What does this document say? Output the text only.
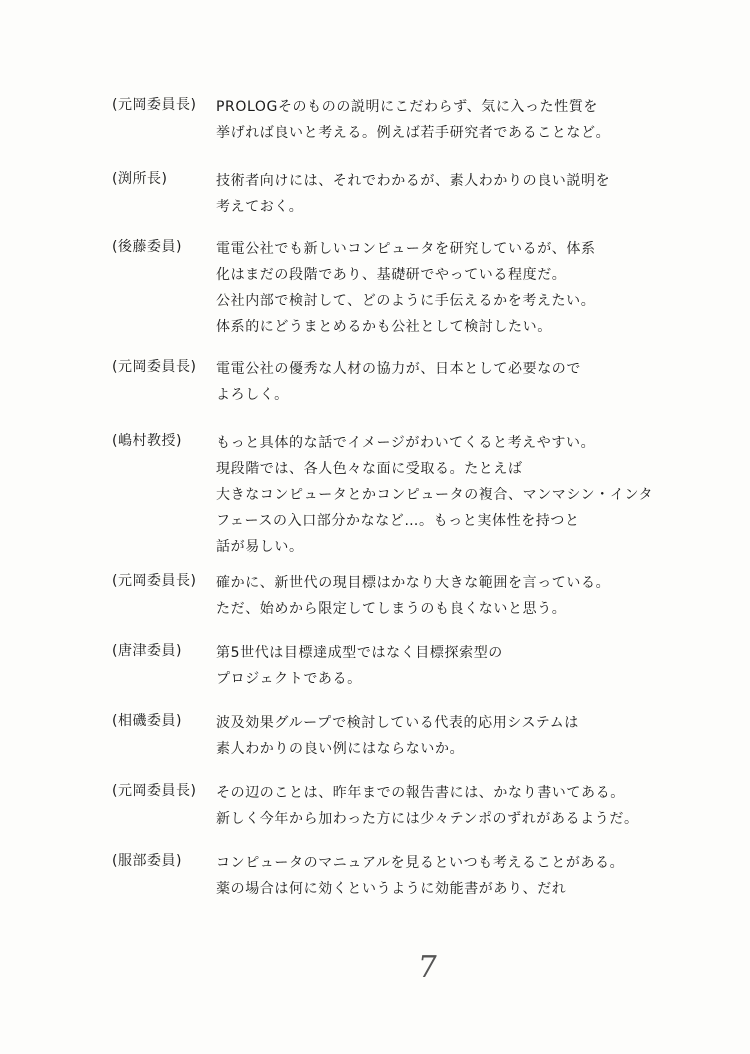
(元岡委員長) PROLOGそのものの説明にこだわらず、気に入った性質を
挙げれば良いと考える。例えば若手研究者であることなど。
(渕所長)	技術者向けには、それでわかるが、素人わかりの良い説明を
考えておく。
(後藤委員) 電電公社でも新しいコンピュータを研究しているが、体系
化はまだの段階であり、基礎研でやっている程度だ。
公社内部で検討して、どのように手伝えるかを考えたい。
体系的にどうまとめるかも公社として検討したい。
(元岡委員長) 電電公社の優秀な人材の協力が、日本として必要なので
よろしく。
(嶋村教授) もっと具体的な話でイメージがわいてくると考えやすい。
現段階では、各人色々な面に受取る。たとえば
大きなコンピュータとかコンピュータの複合、マンマシン・インタ
フェースの入口部分かななど…。もっと実体性を持つと
話が易しい。
(元岡委員長) 確かに、新世代の現目標はかなり大きな範囲を言っている。
ただ、始めから限定してしまうのも良くないと思う。
(唐津委員) 第5世代は目標達成型ではなく目標探索型の
プロジェクトである。
(相磯委員) 波及効果グループで検討している代表的応用システムは
素人わかりの良い例にはならないか。
(元岡委員長) その辺のことは、昨年までの報告書には、かなり書いてある。
新しく今年から加わった方には少々テンポのずれがあるようだ。
(服部委員) コンピュータのマニュアルを見るといつも考えることがある。
薬の場合は何に効くというように効能書があり、だれ
7
